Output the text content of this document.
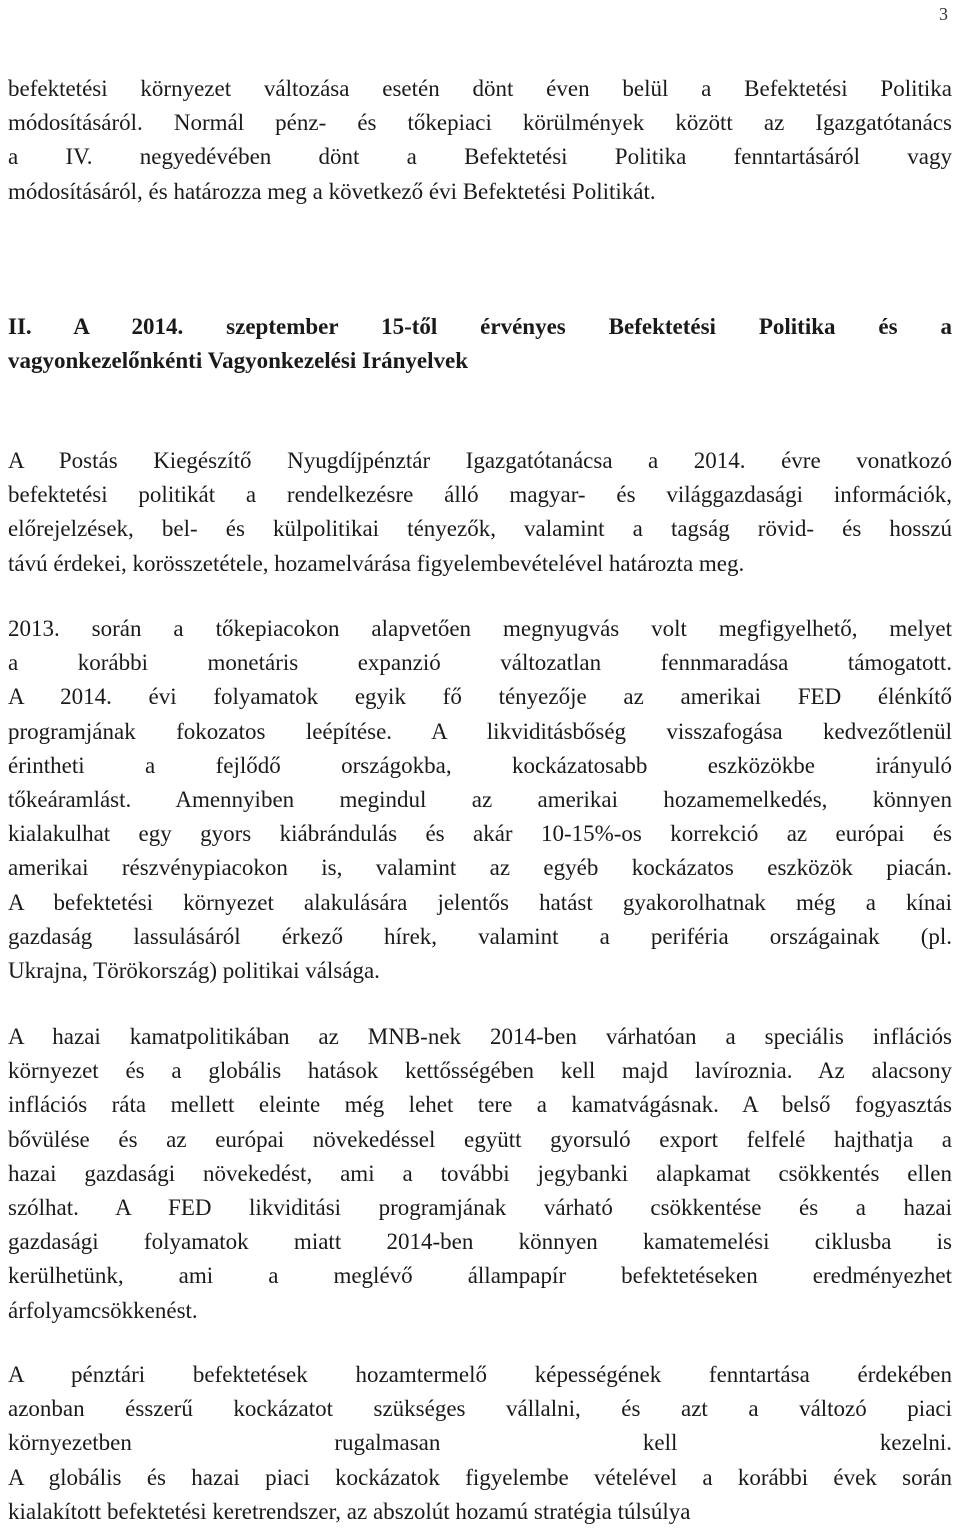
3
befektetési környezet változása esetén dönt éven belül a Befektetési Politika
módosításáról. Normál pénz- és tőkepiaci körülmények között az Igazgatótanács
a IV. negyedévében dönt a Befektetési Politika fenntartásáról vagy
módosításáról, és határozza meg a következő évi Befektetési Politikát.
II. A 2014. szeptember 15-től érvényes Befektetési Politika és a
vagyonkezelőnkénti Vagyonkezelési Irányelvek
A Postás Kiegészítő Nyugdíjpénztár Igazgatótanácsa a 2014. évre vonatkozó
befektetési politikát a rendelkezésre álló magyar- és világgazdasági információk,
előrejelzések, bel- és külpolitikai tényezők, valamint a tagság rövid- és hosszú
távú érdekei, korösszetétele, hozamelvárása figyelembevételével határozta meg.
2013. során a tőkepiacokon alapvetően megnyugvás volt megfigyelhető, melyet
a korábbi monetáris expanzió változatlan fennmaradása támogatott.
A 2014. évi folyamatok egyik fő tényezője az amerikai FED élénkítő
programjának fokozatos leépítése. A likviditásbőség visszafogása kedvezőtlenül
érintheti a fejlődő országokba, kockázatosabb eszközökbe irányuló
tőkeáramlást. Amennyiben megindul az amerikai hozamemelkedés, könnyen
kialakulhat egy gyors kiábrándulás és akár 10-15%-os korrekció az európai és
amerikai részvénypiacokon is, valamint az egyéb kockázatos eszközök piacán.
A befektetési környezet alakulására jelentős hatást gyakorolhatnak még a kínai
gazdaság lassulásáról érkező hírek, valamint a periféria országainak (pl.
Ukrajna, Törökország) politikai válsága.
A hazai kamatpolitikában az MNB-nek 2014-ben várhatóan a speciális inflációs
környezet és a globális hatások kettősségében kell majd lavíroznia. Az alacsony
inflációs ráta mellett eleinte még lehet tere a kamatvágásnak. A belső fogyasztás
bővülése és az európai növekedéssel együtt gyorsuló export felfelé hajthatja a
hazai gazdasági növekedést, ami a további jegybanki alapkamat csökkentés ellen
szólhat. A FED likviditási programjának várható csökkentése és a hazai
gazdasági folyamatok miatt 2014-ben könnyen kamatemelési ciklusba is
kerülhetünk, ami a meglévő állampapír befektetéseken eredményezhet
árfolyamcsökkenést.
A pénztári befektetések hozamtermelő képességének fenntartása érdekében
azonban ésszerű kockázatot szükséges vállalni, és azt a változó piaci
környezetben rugalmasan kell kezelni.
A globális és hazai piaci kockázatok figyelembe vételével a korábbi évek során
kialakított befektetési keretrendszer, az abszolút hozamú stratégia túlsúlya
